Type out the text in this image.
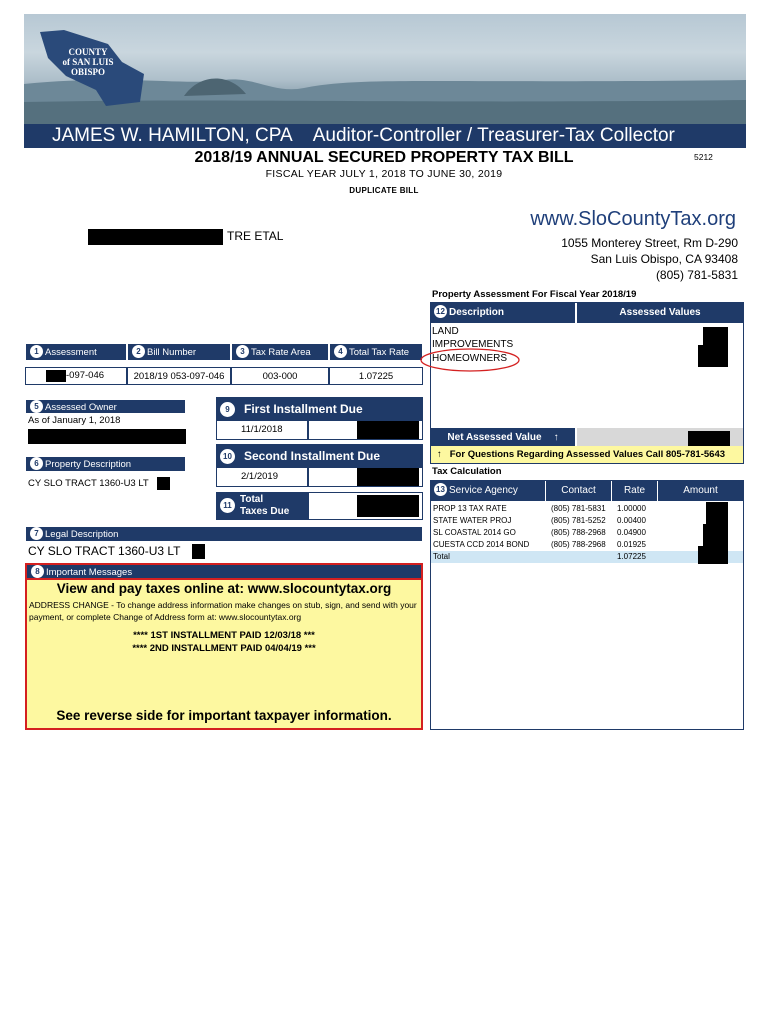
COUNTY
of SAN LUIS
OBISPO
JAMES W. HAMILTON, CPA Auditor-Controller / Treasurer-Tax Collector
2018/19 ANNUAL SECURED PROPERTY TAX BILL	5212
FISCAL YEAR JULY 1, 2018 TO JUNE 30, 2019
DUPLICATE BILL
TRE ETAL
www.SloCountyTax.org
1055 Monterey Street, Rm D-290
San Luis Obispo, CA 93408
(805) 781-5831
1 Assessment	2 Bill Number	3 Tax Rate Area	4 Total Tax Rate
-097-046	2018/19 053-097-046	003-000	1.07225
5 Assessed Owner
As of January 1, 2018
6 Property Description
CY SLO TRACT 1360-U3 LT
9	First Installment Due
11/1/2018
10 Second Installment Due
2/1/2019
11
Total
Taxes Due
7 Legal Description
CY SLO TRACT 1360-U3 LT
8 Important Messages
View and pay taxes online at: www.slocountytax.org
ADDRESS CHANGE - To change address information make changes on stub, sign, and send with your payment, or complete Change of Address form at: www.slocountytax.org
**** 1ST INSTALLMENT PAID 12/03/18 ***
**** 2ND INSTALLMENT PAID 04/04/19 ***
See reverse side for important taxpayer information.
Property Assessment For Fiscal Year 2018/19
12 Description	Assessed Values
LAND
IMPROVEMENTS
HOMEOWNERS
Net Assessed Value ↑
↑ For Questions Regarding Assessed Values Call 805-781-5643
Tax Calculation
13 Service Agency	Contact	Rate	Amount
PROP 13 TAX RATE	(805) 781-5831 1.00000
STATE WATER PROJ	(805) 781-5252 0.00400
SL COASTAL 2014 GO	(805) 788-2968 0.04900
CUESTA CCD 2014 BOND	(805) 788-2968 0.01925
Total	1.07225
